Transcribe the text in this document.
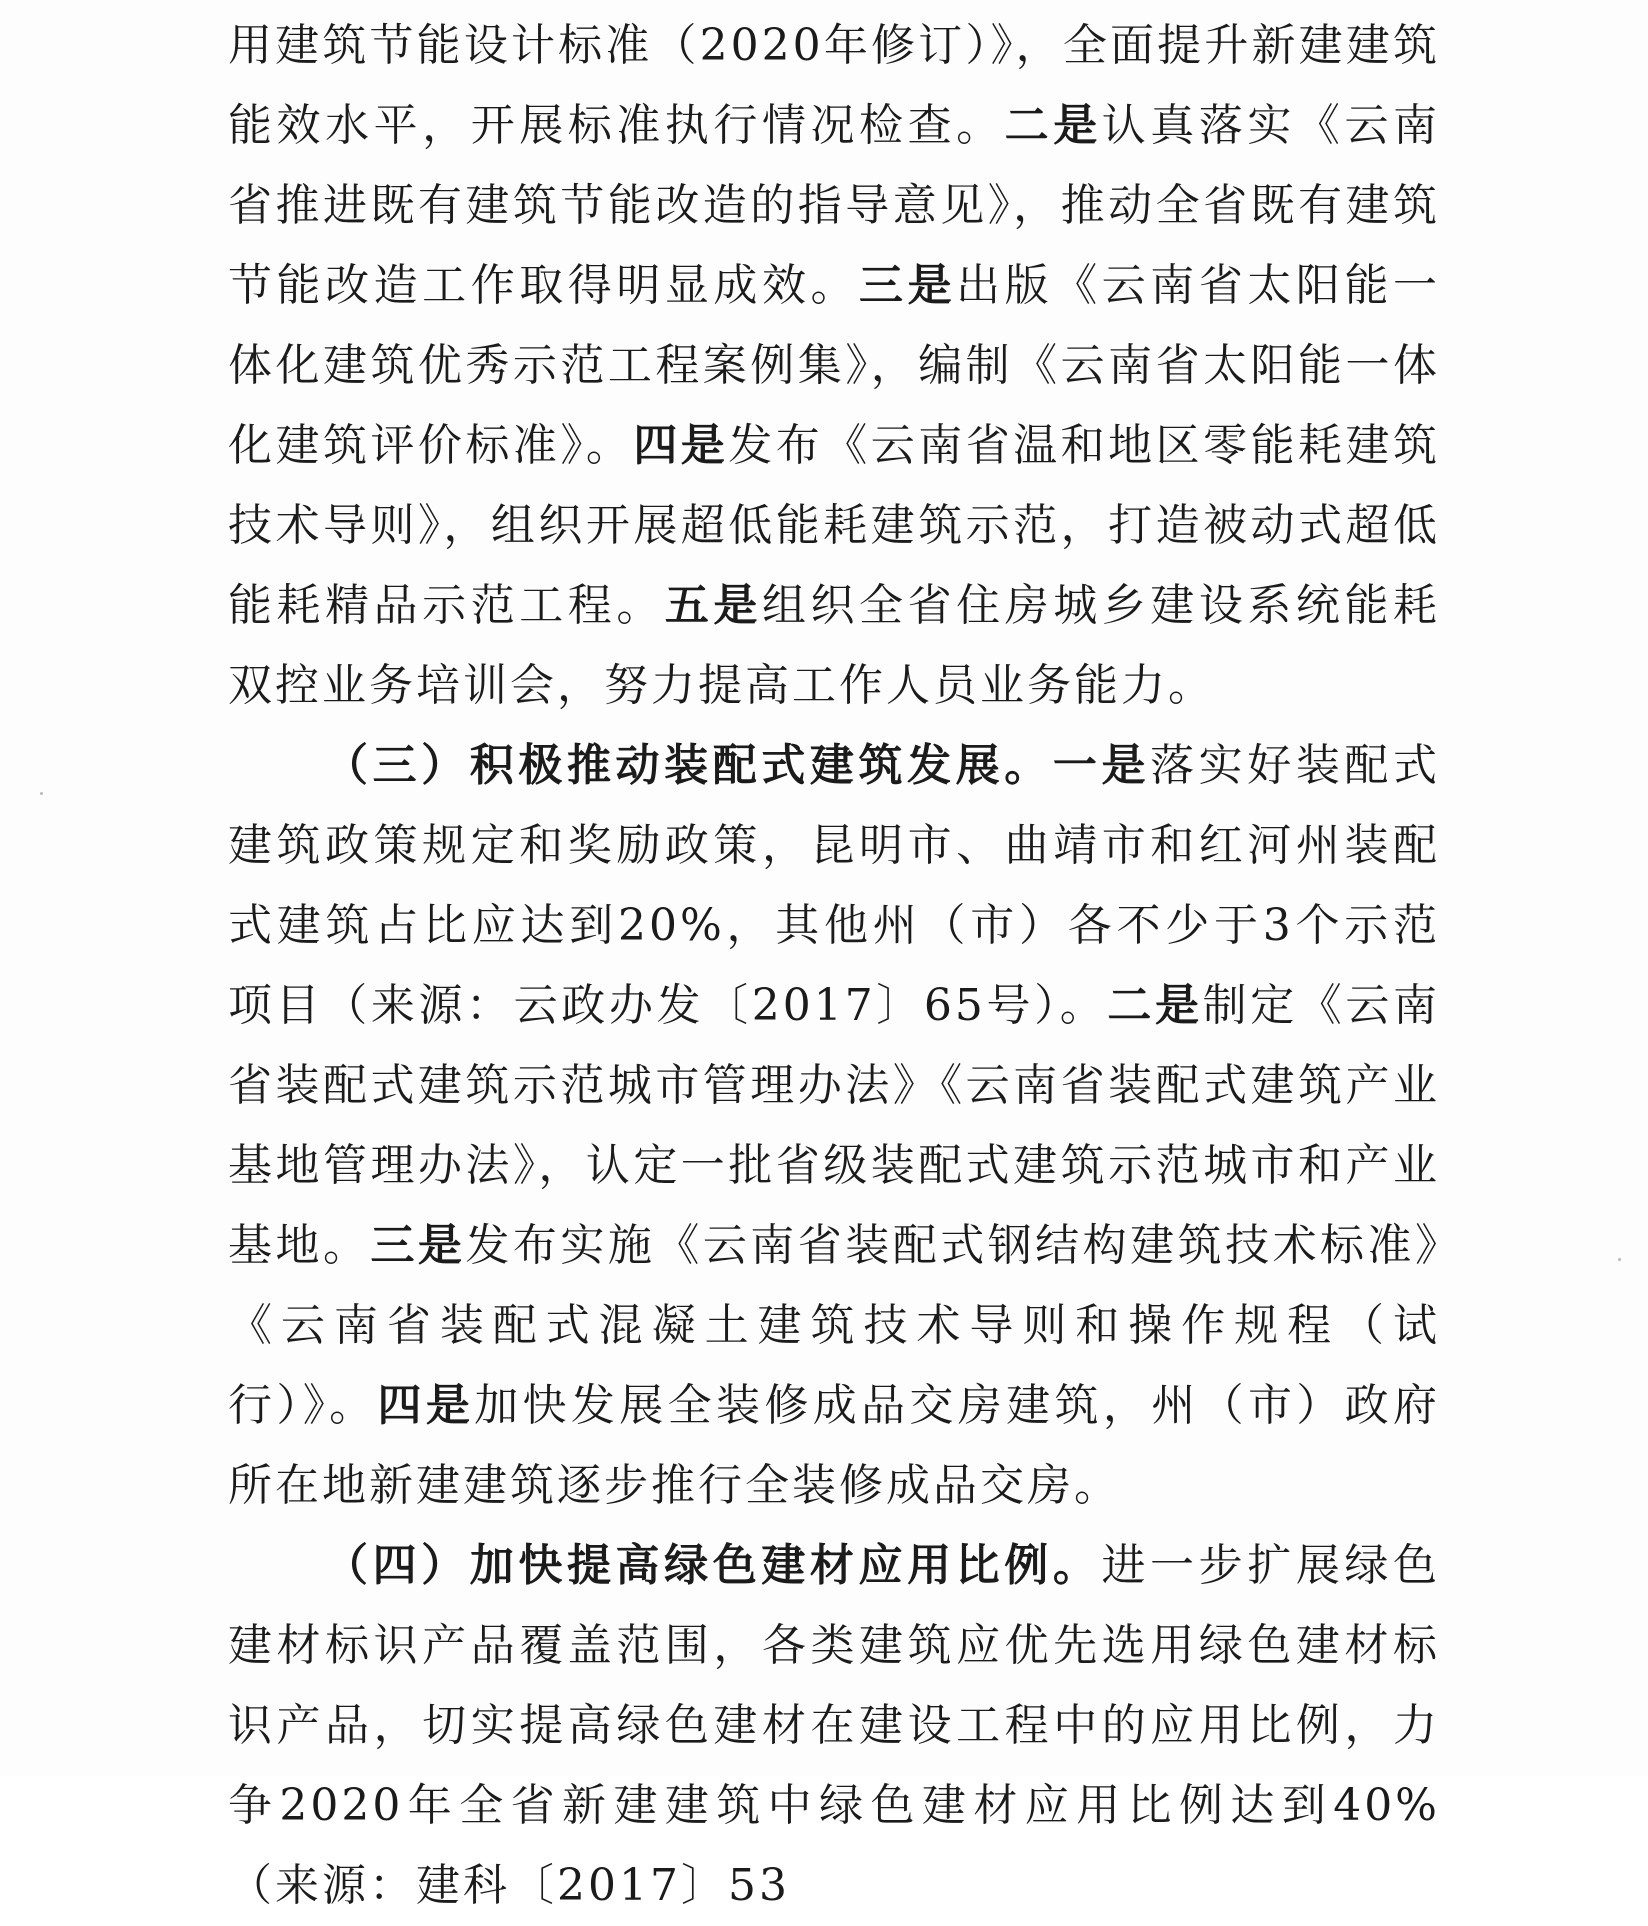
用建筑节能设计标准（2020年修订）》，全面提升新建建筑能效水平，开展标准执行情况检查。二是认真落实《云南省推进既有建筑节能改造的指导意见》，推动全省既有建筑节能改造工作取得明显成效。三是出版《云南省太阳能一体化建筑优秀示范工程案例集》，编制《云南省太阳能一体化建筑评价标准》。四是发布《云南省温和地区零能耗建筑技术导则》，组织开展超低能耗建筑示范，打造被动式超低能耗精品示范工程。五是组织全省住房城乡建设系统能耗双控业务培训会，努力提高工作人员业务能力。

（三）积极推动装配式建筑发展。一是落实好装配式建筑政策规定和奖励政策，昆明市、曲靖市和红河州装配式建筑占比应达到20%，其他州（市）各不少于3个示范项目（来源：云政办发〔2017〕65号）。二是制定《云南省装配式建筑示范城市管理办法》《云南省装配式建筑产业基地管理办法》，认定一批省级装配式建筑示范城市和产业基地。三是发布实施《云南省装配式钢结构建筑技术标准》《云南省装配式混凝土建筑技术导则和操作规程（试行）》。四是加快发展全装修成品交房建筑，州（市）政府所在地新建建筑逐步推行全装修成品交房。

（四）加快提高绿色建材应用比例。进一步扩展绿色建材标识产品覆盖范围，各类建筑应优先选用绿色建材标识产品，切实提高绿色建材在建设工程中的应用比例，力争2020年全省新建建筑中绿色建材应用比例达到40%（来源：建科〔2017〕53
